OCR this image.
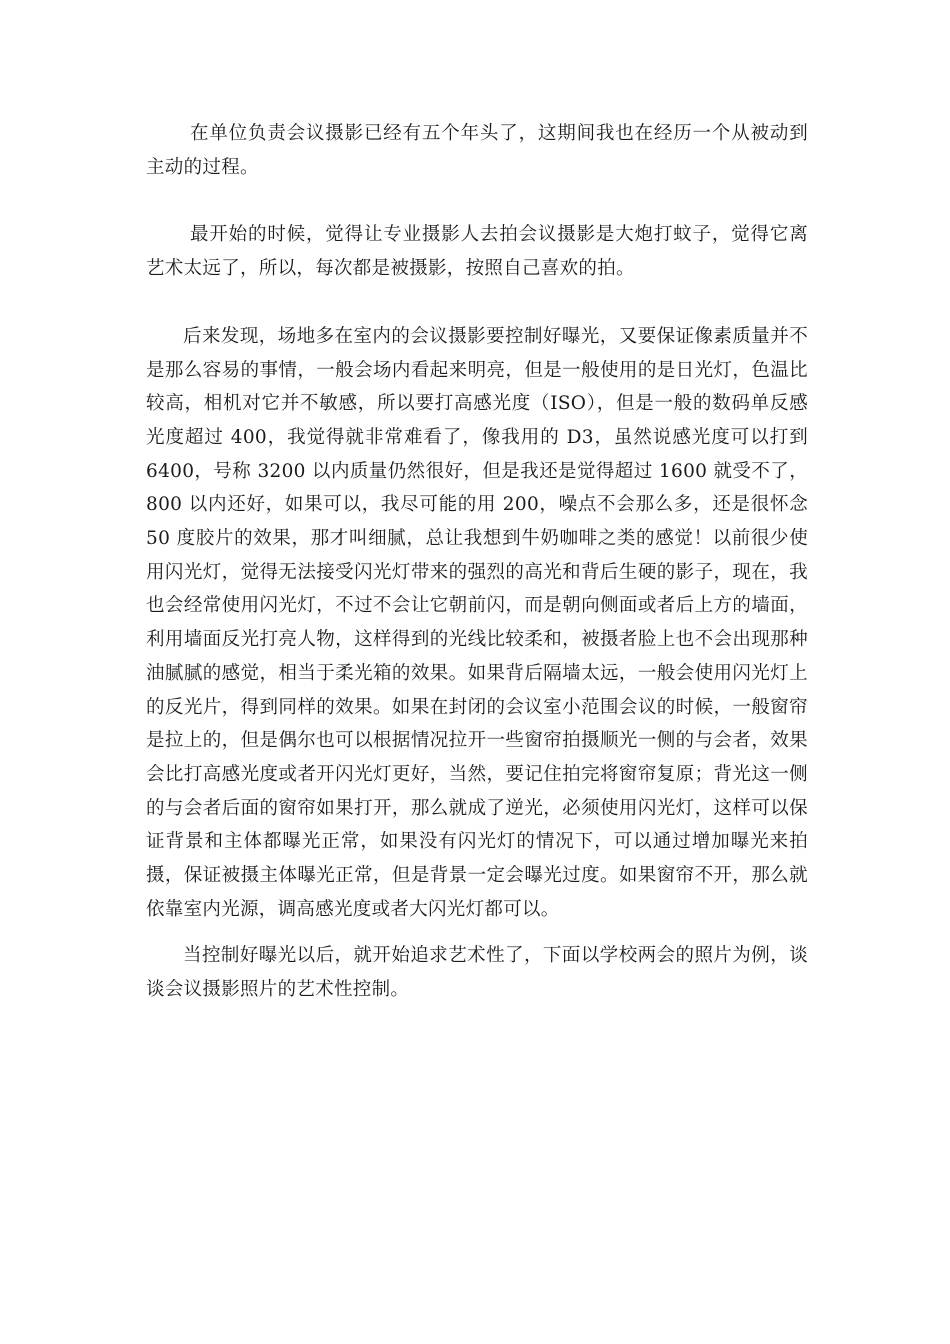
在单位负责会议摄影已经有五个年头了，这期间我也在经历一个从被动到主动的过程。

最开始的时候，觉得让专业摄影人去拍会议摄影是大炮打蚊子，觉得它离艺术太远了，所以，每次都是被摄影，按照自己喜欢的拍。

后来发现，场地多在室内的会议摄影要控制好曝光，又要保证像素质量并不是那么容易的事情，一般会场内看起来明亮，但是一般使用的是日光灯，色温比较高，相机对它并不敏感，所以要打高感光度（ISO），但是一般的数码单反感光度超过 400，我觉得就非常难看了，像我用的 D3，虽然说感光度可以打到 6400，号称 3200 以内质量仍然很好，但是我还是觉得超过 1600 就受不了，800 以内还好，如果可以，我尽可能的用 200，噪点不会那么多，还是很怀念 50 度胶片的效果，那才叫细腻，总让我想到牛奶咖啡之类的感觉！以前很少使用闪光灯，觉得无法接受闪光灯带来的强烈的高光和背后生硬的影子，现在，我也会经常使用闪光灯，不过不会让它朝前闪，而是朝向侧面或者后上方的墙面，利用墙面反光打亮人物，这样得到的光线比较柔和，被摄者脸上也不会出现那种油腻腻的感觉，相当于柔光箱的效果。如果背后隔墙太远，一般会使用闪光灯上的反光片，得到同样的效果。如果在封闭的会议室小范围会议的时候，一般窗帘是拉上的，但是偶尔也可以根据情况拉开一些窗帘拍摄顺光一侧的与会者，效果会比打高感光度或者开闪光灯更好，当然，要记住拍完将窗帘复原；背光这一侧的与会者后面的窗帘如果打开，那么就成了逆光，必须使用闪光灯，这样可以保证背景和主体都曝光正常，如果没有闪光灯的情况下，可以通过增加曝光来拍摄，保证被摄主体曝光正常，但是背景一定会曝光过度。如果窗帘不开，那么就依靠室内光源，调高感光度或者大闪光灯都可以。

当控制好曝光以后，就开始追求艺术性了，下面以学校两会的照片为例，谈谈会议摄影照片的艺术性控制。
